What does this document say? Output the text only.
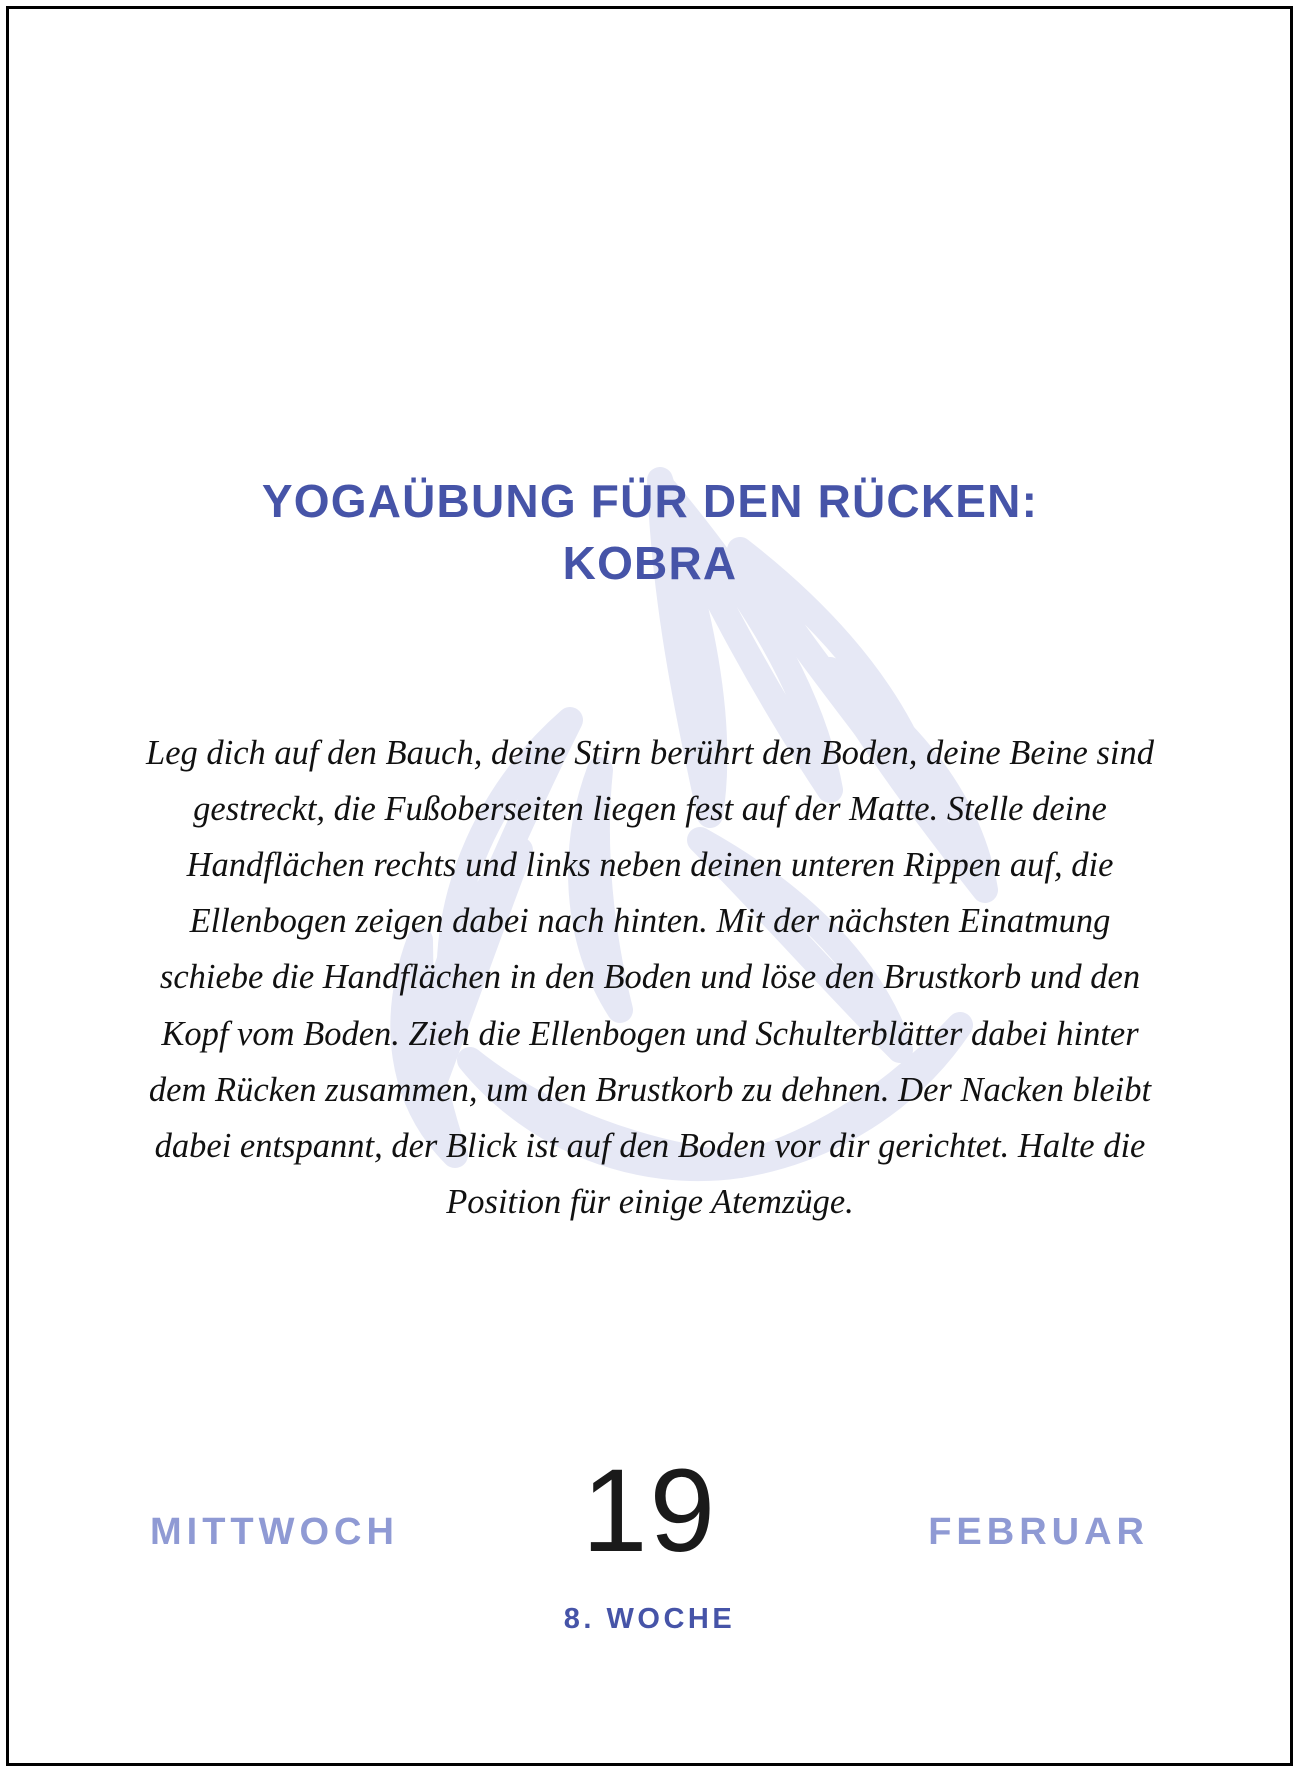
YOGAÜBUNG FÜR DEN RÜCKEN:
KOBRA

Leg dich auf den Bauch, deine Stirn berührt den Boden, deine Beine sind gestreckt, die Fußoberseiten liegen fest auf der Matte. Stelle deine Handflächen rechts und links neben deinen unteren Rippen auf, die Ellenbogen zeigen dabei nach hinten. Mit der nächsten Einatmung schiebe die Handflächen in den Boden und löse den Brustkorb und den Kopf vom Boden. Zieh die Ellenbogen und Schulterblätter dabei hinter dem Rücken zusammen, um den Brustkorb zu dehnen. Der Nacken bleibt dabei entspannt, der Blick ist auf den Boden vor dir gerichtet. Halte die Position für einige Atemzüge.

MITTWOCH	19	FEBRUAR
8. WOCHE
